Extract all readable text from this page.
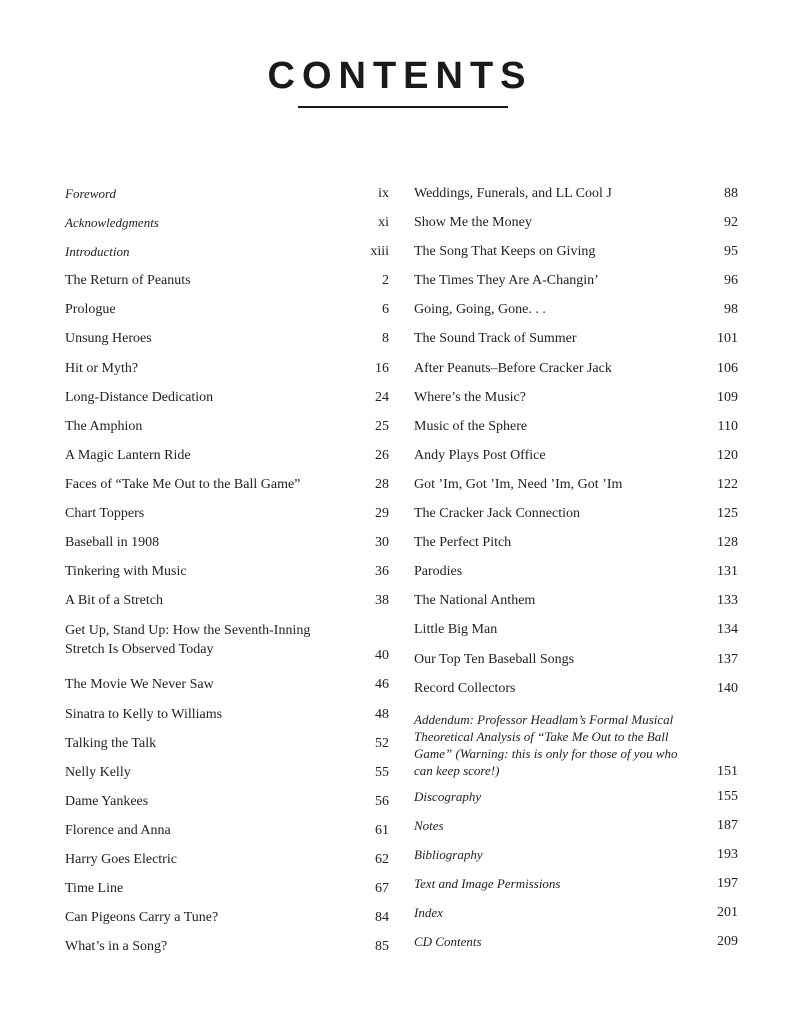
CONTENTS
Foreword	ix
Acknowledgments	xi
Introduction	xiii
The Return of Peanuts	2
Prologue	6
Unsung Heroes	8
Hit or Myth?	16
Long-Distance Dedication	24
The Amphion	25
A Magic Lantern Ride	26
Faces of “Take Me Out to the Ball Game”	28
Chart Toppers	29
Baseball in 1908	30
Tinkering with Music	36
A Bit of a Stretch	38
Get Up, Stand Up: How the Seventh-Inning Stretch Is Observed Today	40
The Movie We Never Saw	46
Sinatra to Kelly to Williams	48
Talking the Talk	52
Nelly Kelly	55
Dame Yankees	56
Florence and Anna	61
Harry Goes Electric	62
Time Line	67
Can Pigeons Carry a Tune?	84
What’s in a Song?	85
Weddings, Funerals, and LL Cool J	88
Show Me the Money	92
The Song That Keeps on Giving	95
The Times They Are A-Changin’	96
Going, Going, Gone. . .	98
The Sound Track of Summer	101
After Peanuts–Before Cracker Jack	106
Where’s the Music?	109
Music of the Sphere	110
Andy Plays Post Office	120
Got ’Im, Got ’Im, Need ’Im, Got ’Im	122
The Cracker Jack Connection	125
The Perfect Pitch	128
Parodies	131
The National Anthem	133
Little Big Man	134
Our Top Ten Baseball Songs	137
Record Collectors	140
Addendum: Professor Headlam’s Formal Musical Theoretical Analysis of “Take Me Out to the Ball Game” (Warning: this is only for those of you who can keep score!)	151
Discography	155
Notes	187
Bibliography	193
Text and Image Permissions	197
Index	201
CD Contents	209
